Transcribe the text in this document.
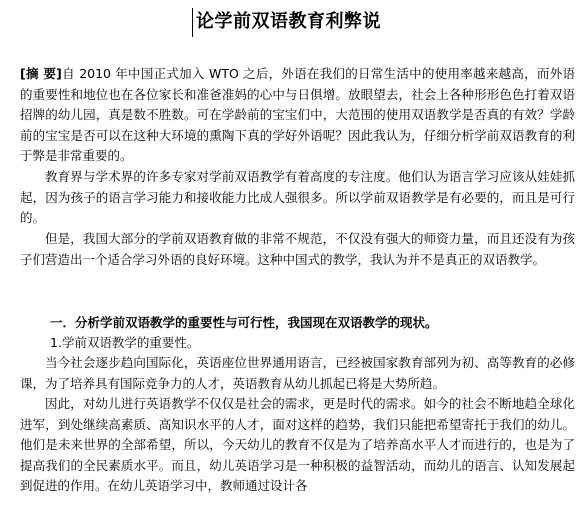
论学前双语教育利弊说
[摘 要]自 2010 年中国正式加入 WTO 之后，外语在我们的日常生活中的使用率越来越高，而外语的重要性和地位也在各位家长和准爸准妈的心中与日俱增。放眼望去，社会上各种形形色色打着双语招牌的幼儿园，真是数不胜数。可在学龄前的宝宝们中，大范围的使用双语教学是否真的有效？学龄前的宝宝是否可以在这种大环境的熏陶下真的学好外语呢？因此我认为，仔细分析学前双语教育的利于弊是非常重要的。
教育界与学术界的许多专家对学前双语教学有着高度的专注度。他们认为语言学习应该从娃娃抓起，因为孩子的语言学习能力和接收能力比成人强很多。所以学前双语教学是有必要的，而且是可行的。
但是，我国大部分的学前双语教育做的非常不规范，不仅没有强大的师资力量，而且还没有为孩子们营造出一个适合学习外语的良好环境。这种中国式的教学，我认为并不是真正的双语教学。
一．分析学前双语教学的重要性与可行性，我国现在双语教学的现状。
1.学前双语教学的重要性。
当今社会逐步趋向国际化，英语座位世界通用语言，已经被国家教育部列为初、高等教育的必修课，为了培养具有国际竞争力的人才，英语教育从幼儿抓起已将是大势所趋。
因此，对幼儿进行英语教学不仅仅是社会的需求，更是时代的需求。如今的社会不断地趋全球化进军，到处继续高素质、高知识水平的人才，面对这样的趋势，我们只能把希望寄托于我们的幼儿。他们是未来世界的全部希望，所以，今天幼儿的教育不仅是为了培养高水平人才而进行的，也是为了提高我们的全民素质水平。而且，幼儿英语学习是一种积极的益智活动，而幼儿的语言、认知发展起到促进的作用。在幼儿英语学习中，教师通过设计各
